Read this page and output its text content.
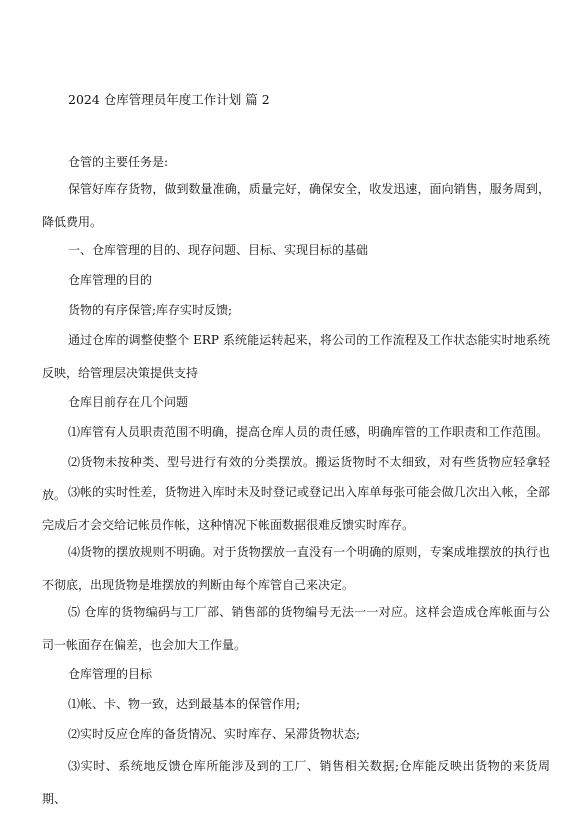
2024 仓库管理员年度工作计划 篇 2
仓管的主要任务是:
保管好库存货物，做到数量准确，质量完好，确保安全，收发迅速，面向销售，服务周到，降低费用。
一、仓库管理的目的、现存问题、目标、实现目标的基础
仓库管理的目的
货物的有序保管;库存实时反馈;
通过仓库的调整使整个 ERP 系统能运转起来，将公司的工作流程及工作状态能实时地系统反映，给管理层决策提供支持
仓库目前存在几个问题
⑴库管有人员职责范围不明确，提高仓库人员的责任感，明确库管的工作职责和工作范围。
⑵货物未按种类、型号进行有效的分类摆放。搬运货物时不太细致，对有些货物应轻拿轻放。 ⑶帐的实时性差，货物进入库时未及时登记或登记出入库单每张可能会做几次出入帐，全部完成后才会交给记帐员作帐，这种情况下帐面数据很难反馈实时库存。
⑷货物的摆放规则不明确。对于货物摆放一直没有一个明确的原则，专案成堆摆放的执行也不彻底，出现货物是堆摆放的判断由每个库管自己来决定。
⑸ 仓库的货物编码与工厂部、销售部的货物编号无法一一对应。这样会造成仓库帐面与公司一帐面存在偏差，也会加大工作量。
仓库管理的目标
⑴帐、卡、物一致，达到最基本的保管作用;
⑵实时反应仓库的备货情况、实时库存、呆滞货物状态;
⑶实时、系统地反馈仓库所能涉及到的工厂、销售相关数据;仓库能反映出货物的来货周期、
